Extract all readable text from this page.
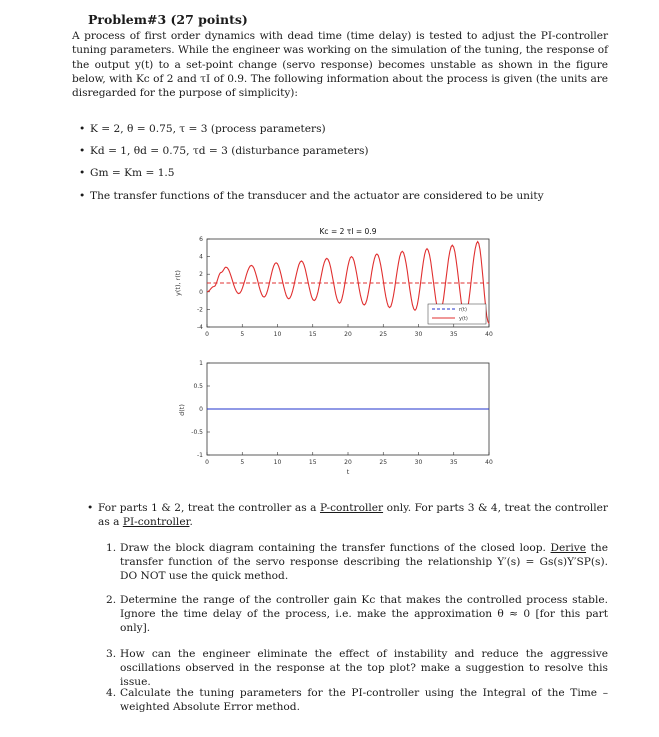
Problem#3 (27 points)
A process of first order dynamics with dead time (time delay) is tested to adjust the PI-controller tuning parameters. While the engineer was working on the simulation of the tuning, the response of the output y(t) to a set-point change (servo response) becomes unstable as shown in the figure below, with Kc of 2 and τI of 0.9. The following information about the process is given (the units are disregarded for the purpose of simplicity):
• K = 2, θ = 0.75, τ = 3 (process parameters)
• Kd = 1, θd = 0.75, τd = 3 (disturbance parameters)
• Gm = Km = 1.5
• The transfer functions of the transducer and the actuator are considered to be unity
Kc = 2 τI = 0.9
y(t), r(t)
0	5	10	15	20	25	30	35	40
6
4
2
0
-2
-4
r(t)
y(t)
d(t)
t
0	5	10	15	20	25	30	35	40
1
0.5
0
-0.5
-1
• For parts 1 & 2, treat the controller as a P-controller only. For parts 3 & 4, treat the controller as a PI-controller.
1. Draw the block diagram containing the transfer functions of the closed loop. Derive the transfer function of the servo response describing the relationship Y′(s) = Gs(s)Y′SP(s). DO NOT use the quick method.
2. Determine the range of the controller gain Kc that makes the controlled process stable. Ignore the time delay of the process, i.e. make the approximation θ ≈ 0 [for this part only].
3. How can the engineer eliminate the effect of instability and reduce the aggressive oscillations observed in the response at the top plot? make a suggestion to resolve this issue.
4. Calculate the tuning parameters for the PI-controller using the Integral of the Time – weighted Absolute Error method.
